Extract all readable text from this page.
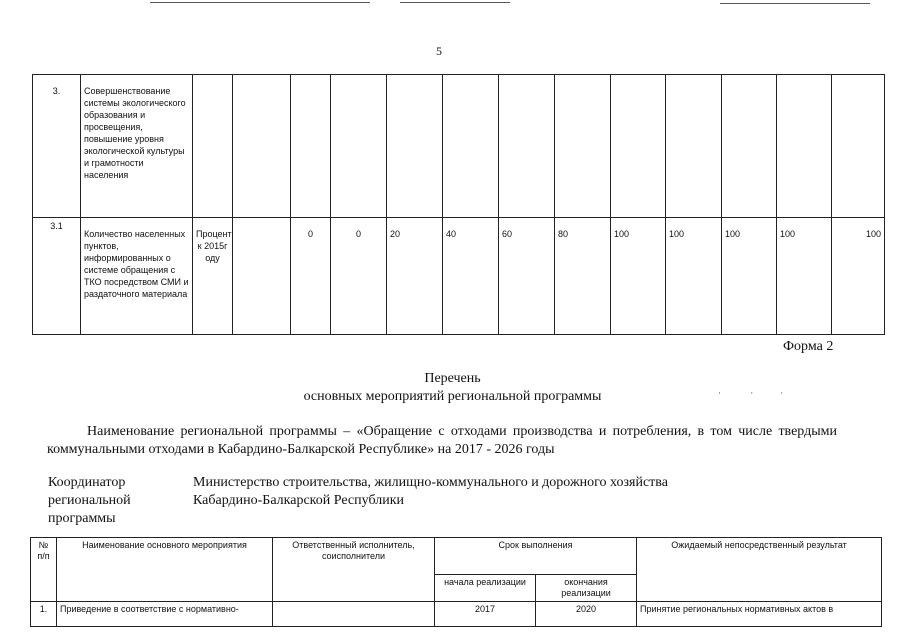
5
3.	Совершенствование системы экологического образования и просвещения, повышение уровня экологической культуры и грамотности населения													
3.1	Количество населенных пунктов, информированных о системе обращения с ТКО посредством СМИ и раздаточного материала	Процент к 2015г оду		0	0	20	40	60	80	100	100	100	100	100
Форма 2
Перечень
основных мероприятий региональной программы	·             ·            ·
Наименование региональной программы – «Обращение с отходами производства и потребления, в том числе твердыми коммунальными отходами в Кабардино-Балкарской Республике» на 2017 - 2026 годы
Координатор региональной программы
Министерство строительства, жилищно-коммунального и дорожного хозяйства
Кабардино-Балкарской Республики
№ п/п	Наименование основного мероприятия	Ответственный исполнитель, соисполнители	Срок выполнения		Ожидаемый непосредственный результат
			начала реализации	окончания реализации	
1.	Приведение в соответствие с нормативно-		2017	2020	Принятие региональных нормативных актов в
